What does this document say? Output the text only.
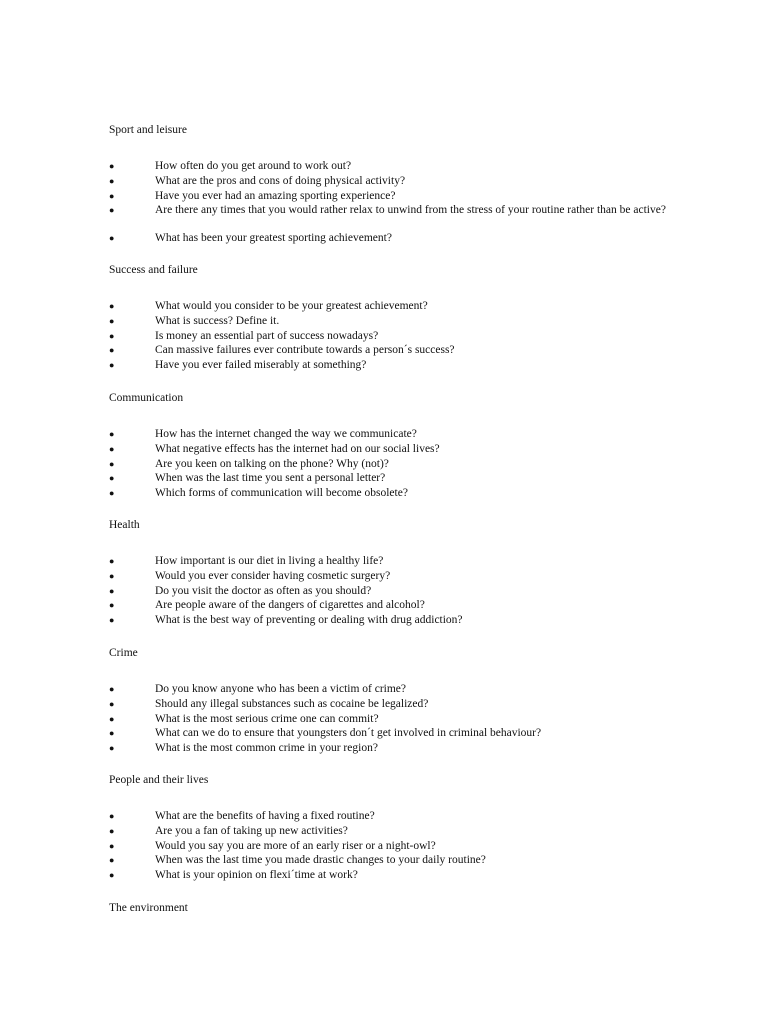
Sport and leisure
●	How often do you get around to work out?
●	What are the pros and cons of doing physical activity?
●	Have you ever had an amazing sporting experience?
●	Are there any times that you would rather relax to unwind from the stress of your routine rather than be active?
●	What has been your greatest sporting achievement?
Success and failure
●	What would you consider to be your greatest achievement?
●	What is success? Define it.
●	Is money an essential part of success nowadays?
●	Can massive failures ever contribute towards a person´s success?
●	Have you ever failed miserably at something?
Communication
●	How has the internet changed the way we communicate?
●	What negative effects has the internet had on our social lives?
●	Are you keen on talking on the phone? Why (not)?
●	When was the last time you sent a personal letter?
●	Which forms of communication will become obsolete?
Health
●	How important is our diet in living a healthy life?
●	Would you ever consider having cosmetic surgery?
●	Do you visit the doctor as often as you should?
●	Are people aware of the dangers of cigarettes and alcohol?
●	What is the best way of preventing or dealing with drug addiction?
Crime
●	Do you know anyone who has been a victim of crime?
●	Should any illegal substances such as cocaine be legalized?
●	What is the most serious crime one can commit?
●	What can we do to ensure that youngsters don´t get involved in criminal behaviour?
●	What is the most common crime in your region?
People and their lives
●	What are the benefits of having a fixed routine?
●	Are you a fan of taking up new activities?
●	Would you say you are more of an early riser or a night-owl?
●	When was the last time you made drastic changes to your daily routine?
●	What is your opinion on flexi´time at work?
The environment
